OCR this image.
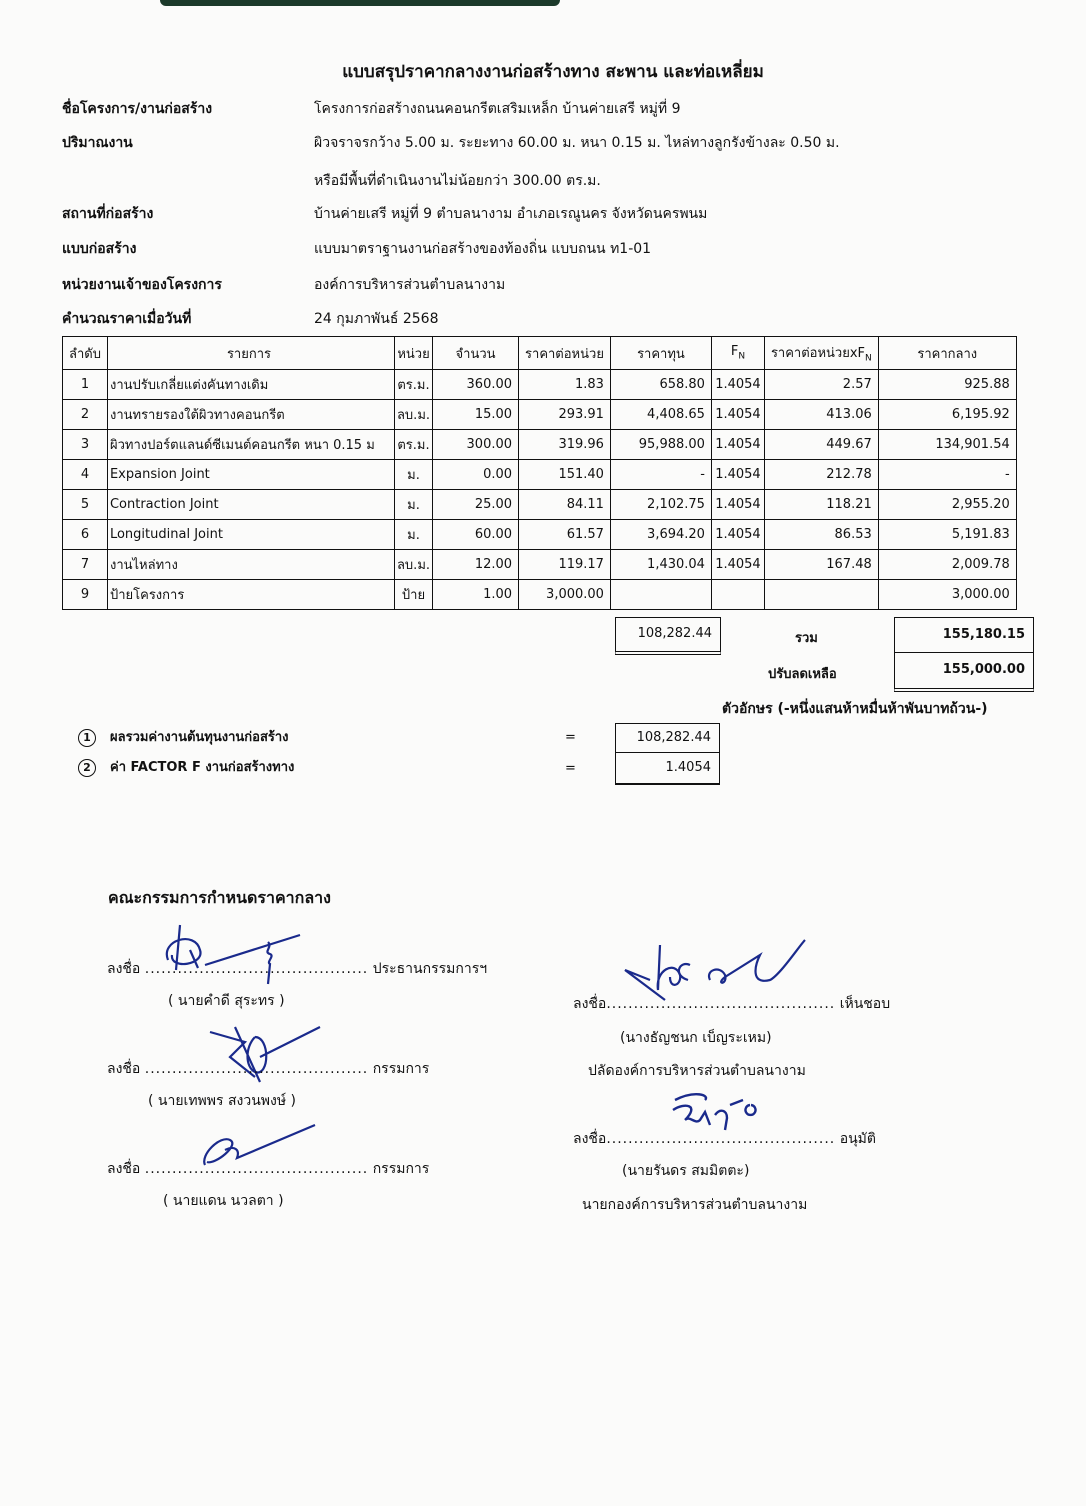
แบบสรุปราคากลางงานก่อสร้างทาง สะพาน และท่อเหลี่ยม
ชื่อโครงการ/งานก่อสร้าง	โครงการก่อสร้างถนนคอนกรีตเสริมเหล็ก บ้านค่ายเสรี หมู่ที่ 9
ปริมาณงาน	ผิวจราจรกว้าง 5.00 ม. ระยะทาง 60.00 ม. หนา 0.15 ม. ไหล่ทางลูกรังข้างละ 0.50 ม.
หรือมีพื้นที่ดำเนินงานไม่น้อยกว่า 300.00 ตร.ม.
สถานที่ก่อสร้าง	บ้านค่ายเสรี หมู่ที่ 9 ตำบลนางาม อำเภอเรณูนคร จังหวัดนครพนม
แบบก่อสร้าง	แบบมาตราฐานงานก่อสร้างของท้องถิ่น แบบถนน ท1-01
หน่วยงานเจ้าของโครงการ	องค์การบริหารส่วนตำบลนางาม
คำนวณราคาเมื่อวันที่	24 กุมภาพันธ์ 2568
ลำดับ	รายการ	หน่วย	จำนวน	ราคาต่อหน่วย	ราคาทุน	$F_N$	ราคาต่อหน่วย$xF_N$	ราคากลาง
1	งานปรับเกลี่ยแต่งคันทางเดิม	ตร.ม.	360.00	1.83	658.80	1.4054	2.57	925.88
2	งานทรายรองใต้ผิวทางคอนกรีต	ลบ.ม.	15.00	293.91	4,408.65	1.4054	413.06	6,195.92
3	ผิวทางปอร์ตแลนด์ซีเมนต์คอนกรีต หนา 0.15 ม	ตร.ม.	300.00	319.96	95,988.00	1.4054	449.67	134,901.54
4	Expansion Joint	ม.	0.00	151.40	-	1.4054	212.78	-
5	Contraction Joint	ม.	25.00	84.11	2,102.75	1.4054	118.21	2,955.20
6	Longitudinal Joint	ม.	60.00	61.57	3,694.20	1.4054	86.53	5,191.83
7	งานไหล่ทาง	ลบ.ม.	12.00	119.17	1,430.04	1.4054	167.48	2,009.78
9	ป้ายโครงการ	ป้าย	1.00	3,000.00				3,000.00
108,282.44	รวม	155,180.15
ปรับลดเหลือ	155,000.00
ตัวอักษร (-หนึ่งแสนห้าหมื่นห้าพันบาทถ้วน-)
1 ผลรวมค่างานต้นทุนงานก่อสร้าง	=	108,282.44
2 ค่า FACTOR F งานก่อสร้างทาง	=	1.4054
คณะกรรมการกำหนดราคากลาง
ลงชื่อ ......................................... ประธานกรรมการฯ
( นายคำดี สุระทร )
ลงชื่อ ......................................... กรรมการ
( นายเทพพร สงวนพงษ์ )
ลงชื่อ ......................................... กรรมการ
( นายแดน นวลตา )
ลงชื่อ.......................................... เห็นชอบ
(นางธัญชนก เบ็ญระเหม)
ปลัดองค์การบริหารส่วนตำบลนางาม
ลงชื่อ.......................................... อนุมัติ
(นายรันดร สมมิตตะ)
นายกองค์การบริหารส่วนตำบลนางาม
